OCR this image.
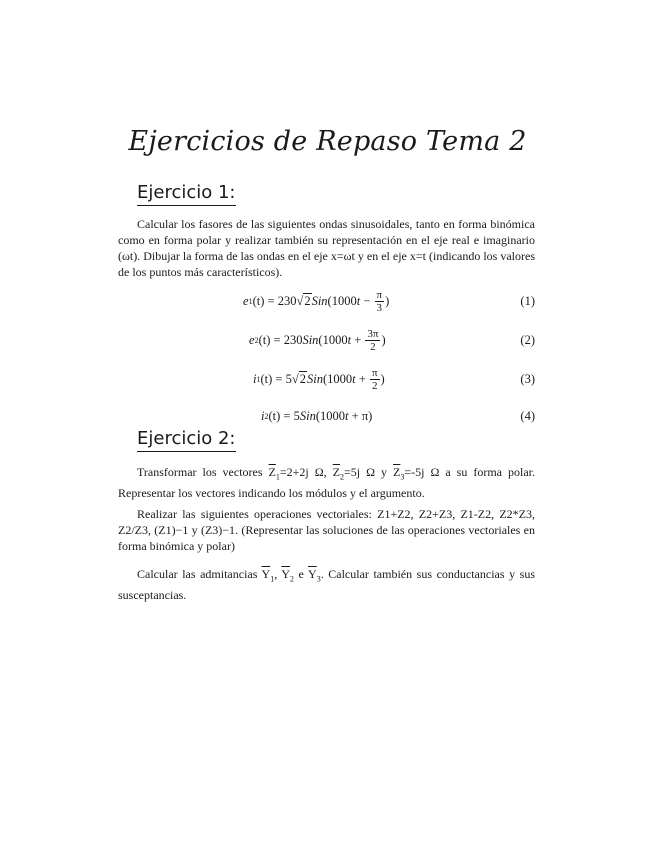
Ejercicios de Repaso Tema 2
Ejercicio 1:
Calcular los fasores de las siguientes ondas sinusoidales, tanto en forma binómica como en forma polar y realizar también su representación en el eje real e imaginario (ωt). Dibujar la forma de las ondas en el eje x=ωt y en el eje x=t (indicando los valores de los puntos más característicos).
e 1 (t) = 230 √ 2 Sin (1000 t
−
$\frac{\pi}{3}$ )	(1)
e 2 (t) = 230 Sin (1000 t
+
$\frac{3\pi}{2}$ )	(2)
i 1 (t) = 5 √ 2 Sin (1000 t
+
$\frac{\pi}{2}$ )	(3)
i 2 (t) = 5 Sin (1000 t
+
π)	(4)
Ejercicio 2:
Transformar los vectores $\overline{Z}_1=2+2j$ Ω, $\overline{Z}_2=5j$ Ω y $\overline{Z}_3=-5j$ Ω a su forma polar. Representar los vectores indicando los módulos y el argumento.
Realizar las siguientes operaciones vectoriales: Z1+Z2, Z2+Z3, Z1-Z2, Z2*Z3, Z2/Z3, (Z1)−1 y (Z3)−1. (Representar las soluciones de las operaciones vectoriales en forma binómica y polar)
Calcular las admitancias $\overline{Y}_1$, $\overline{Y}_2$ e $\overline{Y}_3$. Calcular también sus conductancias y sus susceptancias.
